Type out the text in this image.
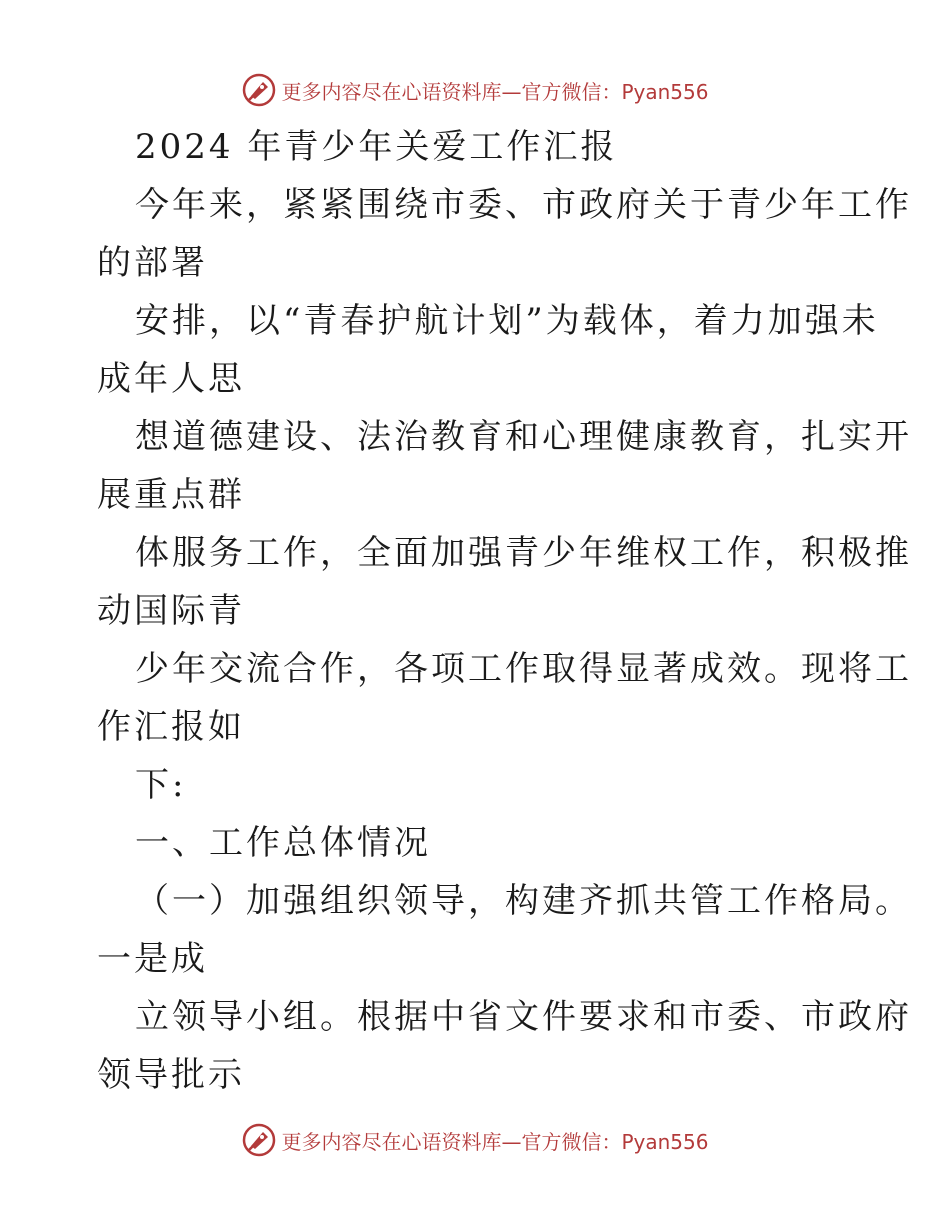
更多内容尽在心语资料库—官方微信：Pyan556
2024 年青少年关爱工作汇报
今年来，紧紧围绕市委、市政府关于青少年工作
的部署
安排，以“青春护航计划”为载体，着力加强未
成年人思
想道德建设、法治教育和心理健康教育，扎实开
展重点群
体服务工作，全面加强青少年维权工作，积极推
动国际青
少年交流合作，各项工作取得显著成效。现将工
作汇报如
下:
一、工作总体情况
（一）加强组织领导，构建齐抓共管工作格局。
一是成
立领导小组。根据中省文件要求和市委、市政府
领导批示
更多内容尽在心语资料库—官方微信：Pyan556
